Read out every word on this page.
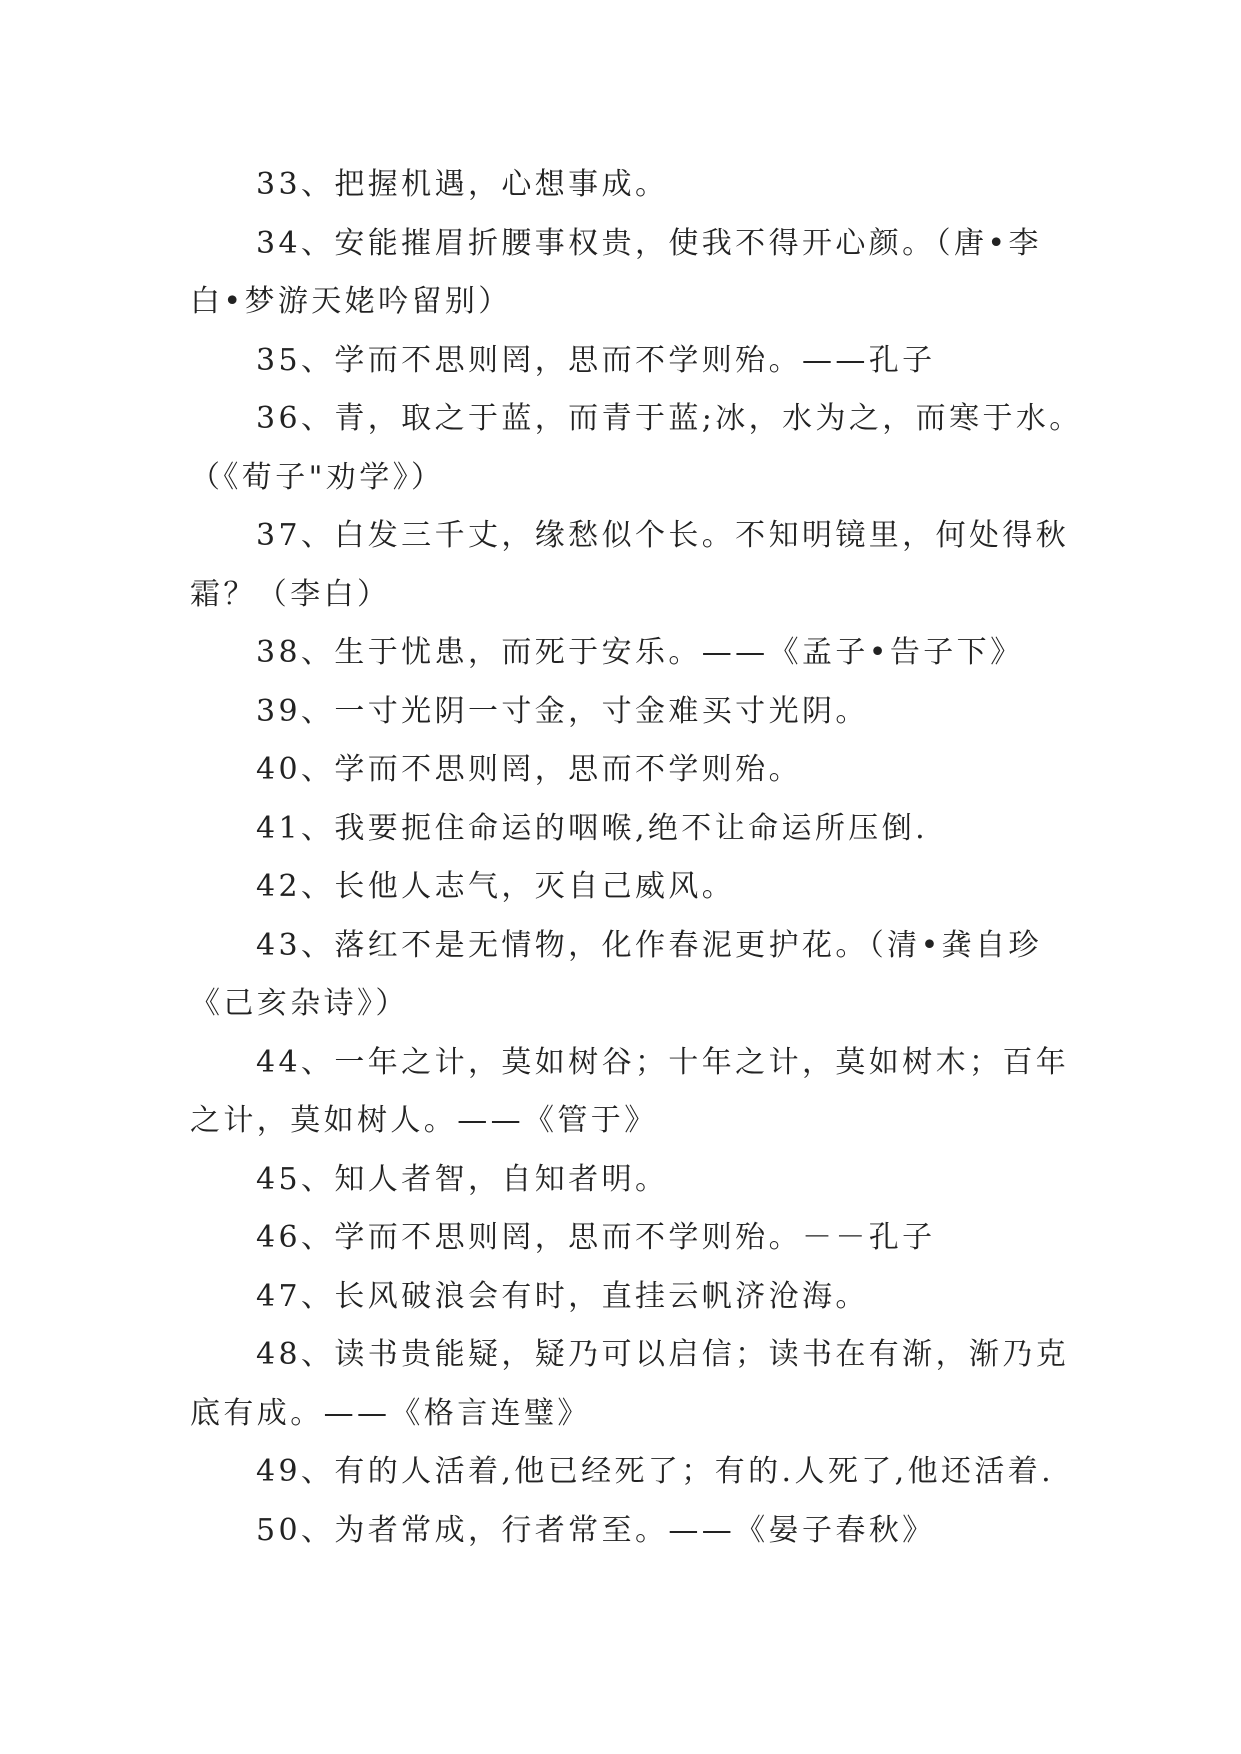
33、把握机遇，心想事成。
34、安能摧眉折腰事权贵，使我不得开心颜。（唐•李
白•梦游天姥吟留别）
35、学而不思则罔，思而不学则殆。——孔子
36、青，取之于蓝，而青于蓝;冰，水为之，而寒于水。
（《荀子"劝学》）
37、白发三千丈，缘愁似个长。不知明镜里，何处得秋
霜？（李白）
38、生于忧患，而死于安乐。——《孟子•告子下》
39、一寸光阴一寸金，寸金难买寸光阴。
40、学而不思则罔，思而不学则殆。
41、我要扼住命运的咽喉,绝不让命运所压倒.
42、长他人志气，灭自己威风。
43、落红不是无情物，化作春泥更护花。（清•龚自珍
《己亥杂诗》）
44、一年之计，莫如树谷；十年之计，莫如树木；百年
之计，莫如树人。——《管于》
45、知人者智，自知者明。
46、学而不思则罔，思而不学则殆。－－孔子
47、长风破浪会有时，直挂云帆济沧海。
48、读书贵能疑，疑乃可以启信；读书在有渐，渐乃克
底有成。——《格言连璧》
49、有的人活着,他已经死了；有的.人死了,他还活着.
50、为者常成，行者常至。——《晏子春秋》
